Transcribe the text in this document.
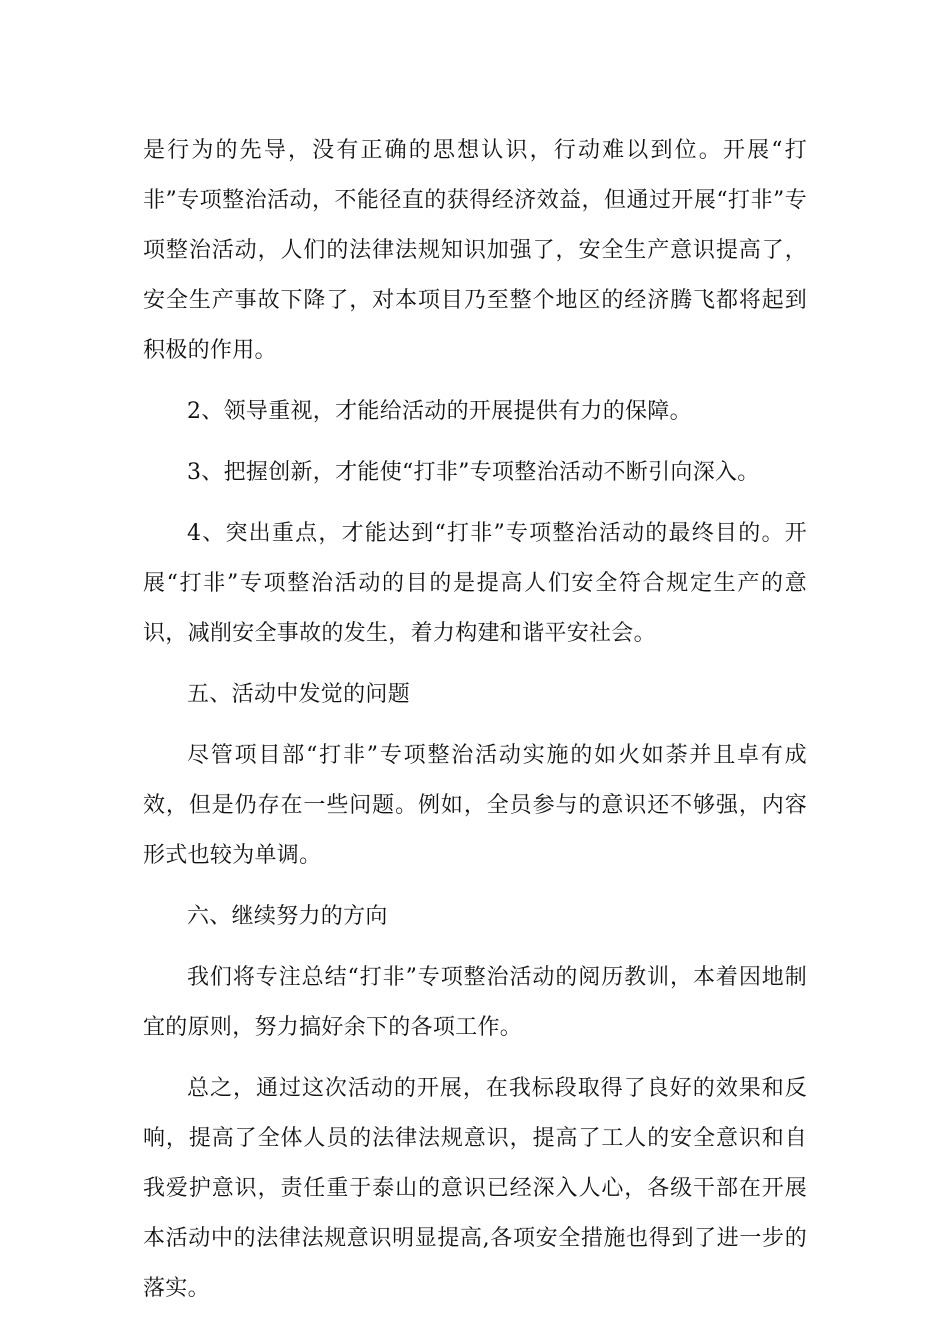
是行为的先导，没有正确的思想认识，行动难以到位。开展“打非”专项整治活动，不能径直的获得经济效益，但通过开展“打非”专项整治活动，人们的法律法规知识加强了，安全生产意识提高了，安全生产事故下降了，对本项目乃至整个地区的经济腾飞都将起到积极的作用。

2、领导重视，才能给活动的开展提供有力的保障。

3、把握创新，才能使“打非”专项整治活动不断引向深入。

4、突出重点，才能达到“打非”专项整治活动的最终目的。开展“打非”专项整治活动的目的是提高人们安全符合规定生产的意识，减削安全事故的发生，着力构建和谐平安社会。

五、活动中发觉的问题

尽管项目部“打非”专项整治活动实施的如火如荼并且卓有成效，但是仍存在一些问题。例如，全员参与的意识还不够强，内容形式也较为单调。

六、继续努力的方向

我们将专注总结“打非”专项整治活动的阅历教训，本着因地制宜的原则，努力搞好余下的各项工作。

总之，通过这次活动的开展，在我标段取得了良好的效果和反响，提高了全体人员的法律法规意识，提高了工人的安全意识和自我爱护意识，责任重于泰山的意识已经深入人心，各级干部在开展本活动中的法律法规意识明显提高,各项安全措施也得到了进一步的落实。
